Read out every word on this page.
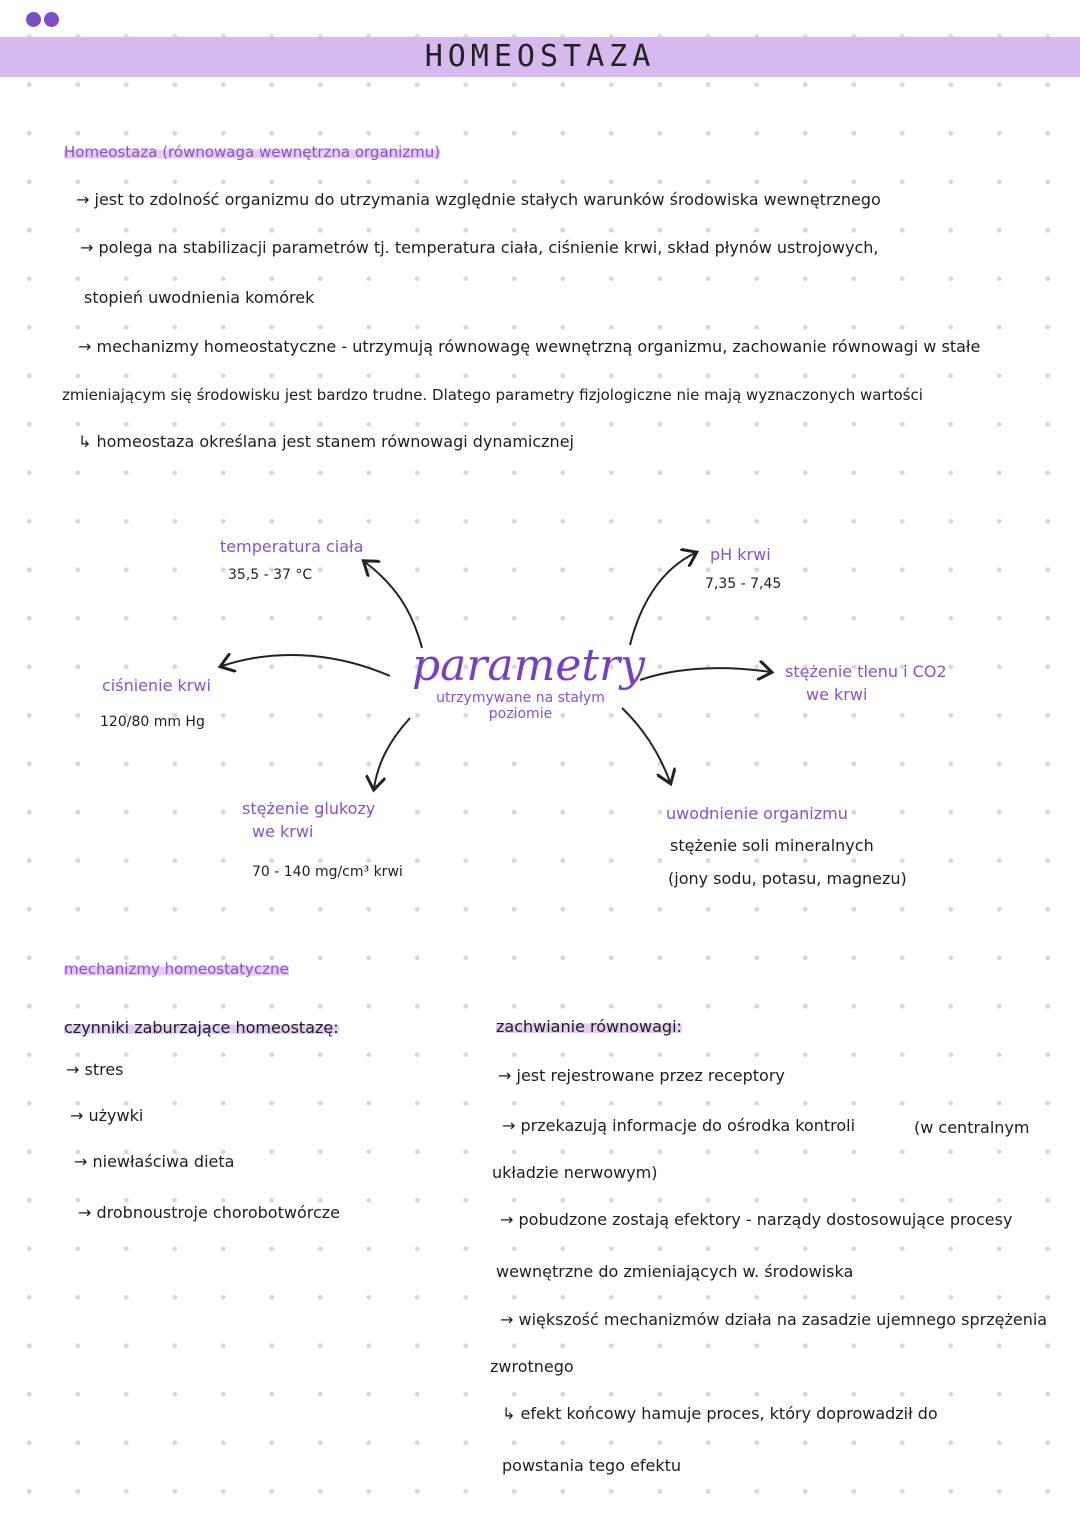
HOMEOSTAZA
Homeostaza (równowaga wewnętrzna organizmu)
→ jest to zdolność organizmu do utrzymania względnie stałych warunków środowiska wewnętrznego
→ polega na stabilizacji parametrów tj. temperatura ciała, ciśnienie krwi, skład płynów ustrojowych,
stopień uwodnienia komórek
→ mechanizmy homeostatyczne - utrzymują równowagę wewnętrzną organizmu, zachowanie równowagi w stałe
zmieniającym się środowisku jest bardzo trudne. Dlatego parametry fizjologiczne nie mają wyznaczonych wartości
↳ homeostaza określana jest stanem równowagi dynamicznej
parametry
utrzymywane na stałym poziomie
temperatura ciała
35,5 - 37 °C
pH krwi
7,35 - 7,45
ciśnienie krwi
120/80 mm Hg
stężenie tlenu i CO2
we krwi
stężenie glukozy
we krwi
70 - 140 mg/cm³ krwi
uwodnienie organizmu
stężenie soli mineralnych
(jony sodu, potasu, magnezu)
mechanizmy homeostatyczne
czynniki zaburzające homeostazę:
→ stres
→ używki
→ niewłaściwa dieta
→ drobnoustroje chorobotwórcze
zachwianie równowagi:
→ jest rejestrowane przez receptory
→ przekazują informacje do ośrodka kontroli	(w centralnym
układzie nerwowym)
→ pobudzone zostają efektory - narządy dostosowujące procesy
wewnętrzne do zmieniających w. środowiska
→ większość mechanizmów działa na zasadzie ujemnego sprzężenia
zwrotnego
↳ efekt końcowy hamuje proces, który doprowadził do
powstania tego efektu
